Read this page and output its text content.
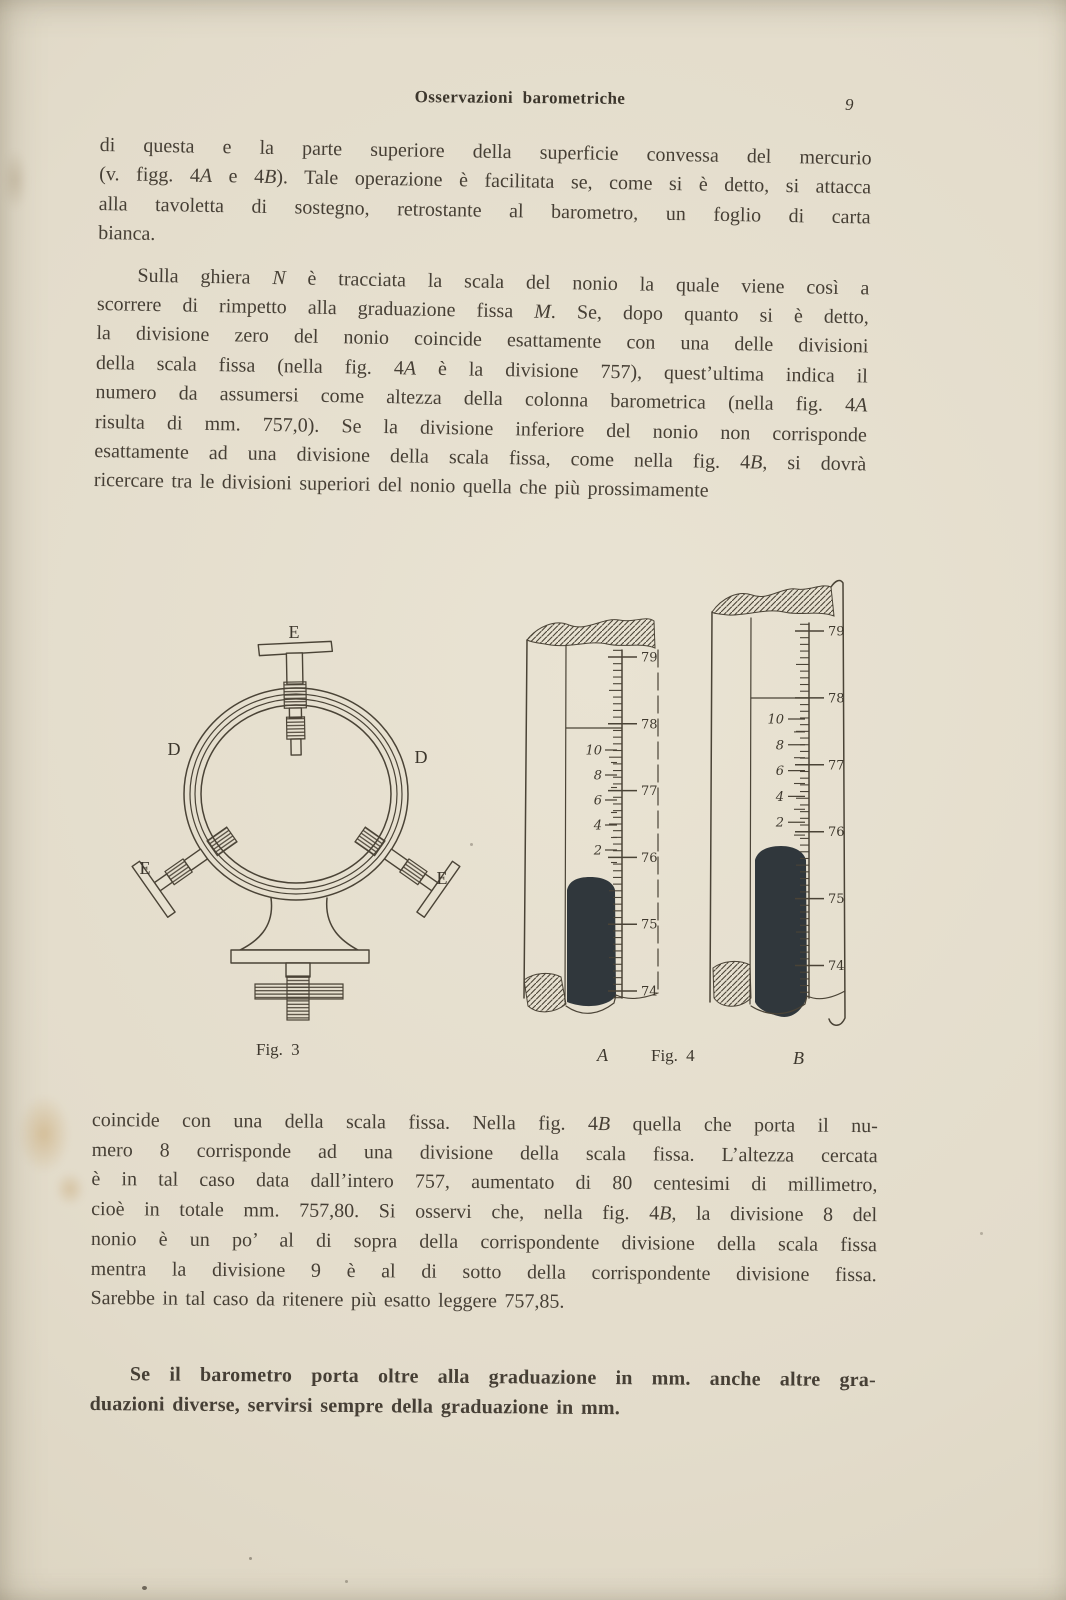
Osservazioni barometriche	9
di questa e la parte superiore della superficie convessa del mercurio
(v. figg. 4A e 4B). Tale operazione è facilitata se, come si è detto, si attacca
alla tavoletta di sostegno, retrostante al barometro, un foglio di carta
bianca.
Sulla ghiera N è tracciata la scala del nonio la quale viene così a
scorrere di rimpetto alla graduazione fissa M. Se, dopo quanto si è detto,
la divisione zero del nonio coincide esattamente con una delle divisioni
della scala fissa (nella fig. 4A è la divisione 757), quest’ultima indica il
numero da assumersi come altezza della colonna barometrica (nella fig. 4A
risulta di mm. 757,0). Se la divisione inferiore del nonio non corrisponde
esattamente ad una divisione della scala fissa, come nella fig. 4B, si dovrà
ricercare tra le divisioni superiori del nonio quella che più prossimamente
coincide con una della scala fissa. Nella fig. 4B quella che porta il nu-
mero 8 corrisponde ad una divisione della scala fissa. L’altezza cercata
è in tal caso data dall’intero 757, aumentato di 80 centesimi di millimetro,
cioè in totale mm. 757,80. Si osservi che, nella fig. 4B, la divisione 8 del
nonio è un po’ al di sopra della corrispondente divisione della scala fissa
mentra la divisione 9 è al di sotto della corrispondente divisione fissa.
Sarebbe in tal caso da ritenere più esatto leggere 757,85.
Se il barometro porta oltre alla graduazione in mm. anche altre gra-
duazioni diverse, servirsi sempre della graduazione in mm.
E
D	D
E	E
79
78
77
76
75
74
10
8
6
4
2
79
78
77
76
75
74
10
8
6
4
2
Fig. 3	A	Fig. 4	B
